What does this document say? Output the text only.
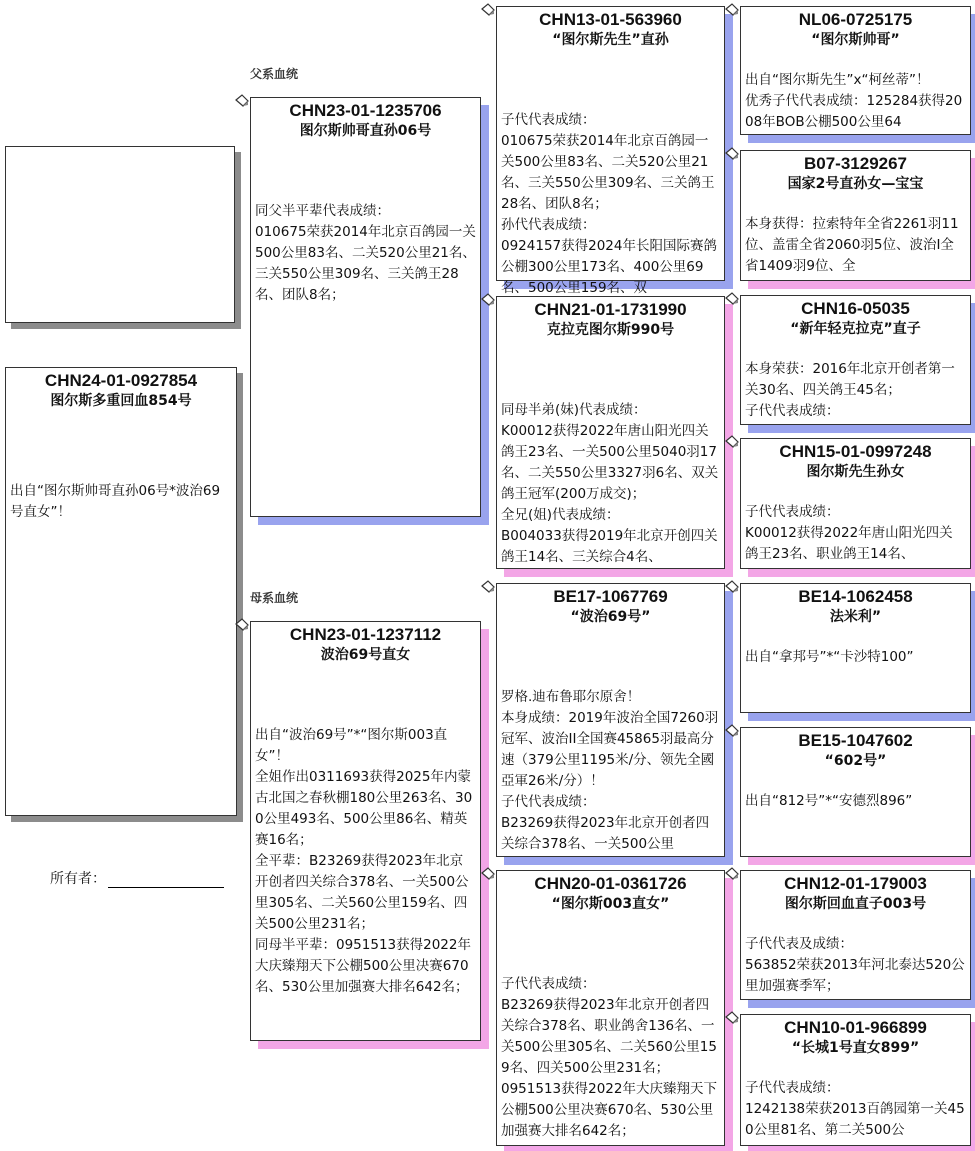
CHN24-01-0927854
图尔斯多重回血854号
出自“图尔斯帅哥直孙06号*波治69号直女”！
所有者：
父系血统
母系血统
CHN23-01-1235706
图尔斯帅哥直孙06号
同父半平辈代表成绩：
010675荣获2014年北京百鸽园一关500公里83名、二关520公里21名、三关550公里309名、三关鸽王28名、团队8名；
CHN23-01-1237112
波治69号直女
出自“波治69号”*“图尔斯003直女”！
全姐作出0311693获得2025年内蒙古北国之春秋棚180公里263名、300公里493名、500公里86名、精英赛16名；
全平辈：B23269获得2023年北京开创者四关综合378名、一关500公里305名、二关560公里159名、四关500公里231名；
同母半平辈：0951513获得2022年大庆臻翔天下公棚500公里决赛670名、530公里加强赛大排名642名；
CHN13-01-563960
“图尔斯先生”直孙
子代代表成绩：
010675荣获2014年北京百鸽园一关500公里83名、二关520公里21名、三关550公里309名、三关鸽王28名、团队8名；
孙代代表成绩：
0924157获得2024年长阳国际赛鸽公棚300公里173名、400公里69名、500公里159名、双
CHN21-01-1731990
克拉克图尔斯990号
同母半弟(妹)代表成绩：
K00012获得2022年唐山阳光四关鸽王23名、一关500公里5040羽17名、二关550公里3327羽6名、双关鸽王冠军(200万成交)；
全兄(姐)代表成绩：
B004033获得2019年北京开创四关鸽王14名、三关综合4名、
BE17-1067769
“波治69号”
罗格.迪布鲁耶尔原舍！
本身成绩：2019年波治全国7260羽冠军、波治II全国赛45865羽最高分速（379公里1195米/分、领先全國亞軍26米/分）！
子代代表成绩：
B23269获得2023年北京开创者四关综合378名、一关500公里
CHN20-01-0361726
“图尔斯003直女”
子代代表成绩：
B23269获得2023年北京开创者四关综合378名、职业鸽舍136名、一关500公里305名、二关560公里159名、四关500公里231名；
0951513获得2022年大庆臻翔天下公棚500公里决赛670名、530公里加强赛大排名642名；
NL06-0725175
“图尔斯帅哥”
出自“图尔斯先生”x“柯丝蒂”！
优秀子代代表成绩：125284获得2008年BOB公棚500公里64
B07-3129267
国家2号直孙女—宝宝
本身获得：拉索特年全省2261羽11位、盖雷全省2060羽5位、波治I全省1409羽9位、全
CHN16-05035
“新年轻克拉克”直子
本身荣获：2016年北京开创者第一关30名、四关鸽王45名；
子代代表成绩：
CHN15-01-0997248
图尔斯先生孙女
子代代表成绩：
K00012获得2022年唐山阳光四关鸽王23名、职业鸽王14名、
BE14-1062458
法米利”
出自“拿邦号”*“卡沙特100”
BE15-1047602
“602号”
出自“812号”*“安德烈896”
CHN12-01-179003
图尔斯回血直子003号
子代代表及成绩：
563852荣获2013年河北泰达520公里加强赛季军；
CHN10-01-966899
“长城1号直女899”
子代代表成绩：
1242138荣获2013百鸽园第一关450公里81名、第二关500公
